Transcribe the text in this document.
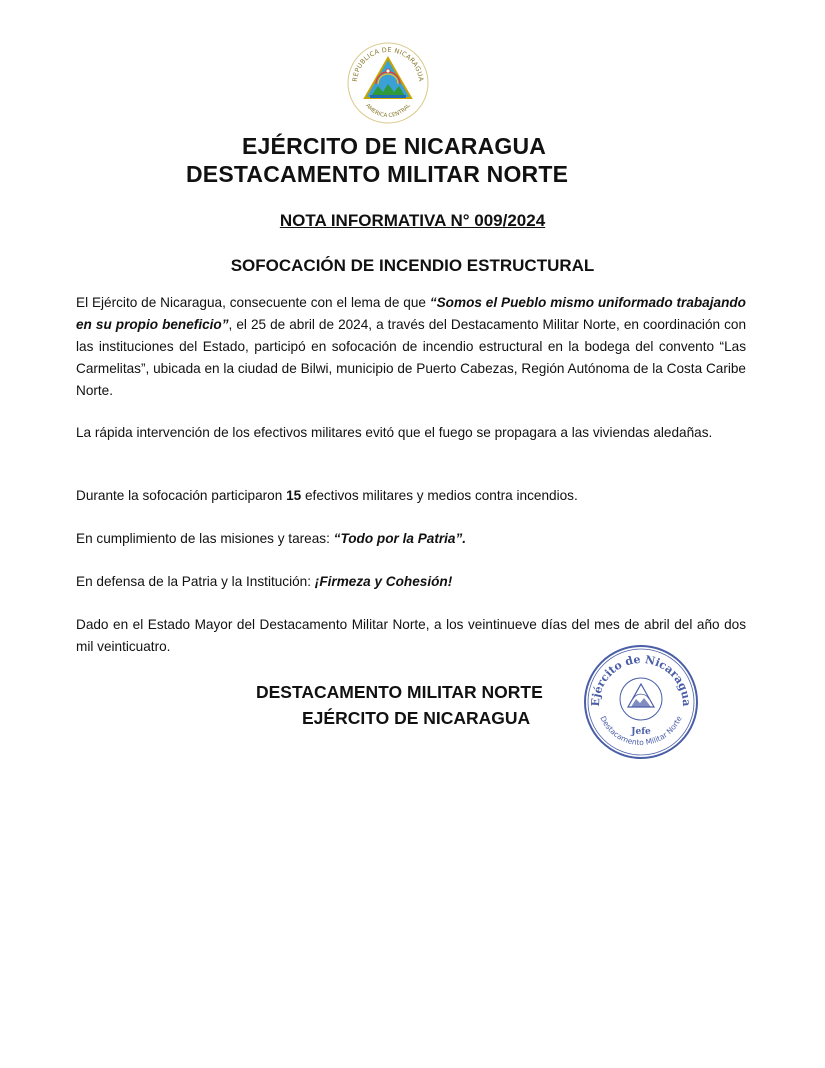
REPUBLICA DE NICARAGUA
AMERICA CENTRAL
EJÉRCITO DE NICARAGUA
DESTACAMENTO MILITAR NORTE
NOTA INFORMATIVA N° 009/2024
SOFOCACIÓN DE INCENDIO ESTRUCTURAL
El Ejército de Nicaragua, consecuente con el lema de que “Somos el Pueblo mismo uniformado trabajando en su propio beneficio”, el 25 de abril de 2024, a través del Destacamento Militar Norte, en coordinación con las instituciones del Estado, participó en sofocación de incendio estructural en la bodega del convento “Las Carmelitas”, ubicada en la ciudad de Bilwi, municipio de Puerto Cabezas, Región Autónoma de la Costa Caribe Norte.
La rápida intervención de los efectivos militares evitó que el fuego se propagara a las viviendas aledañas.
Durante la sofocación participaron 15 efectivos militares y medios contra incendios.
En cumplimiento de las misiones y tareas: “Todo por la Patria”.
En defensa de la Patria y la Institución: ¡Firmeza y Cohesión!
Dado en el Estado Mayor del Destacamento Militar Norte, a los veintinueve días del mes de abril del año dos mil veinticuatro.
DESTACAMENTO MILITAR NORTE
EJÉRCITO DE NICARAGUA
Ejército de Nicaragua
Destacamento Militar Norte
Jefe
